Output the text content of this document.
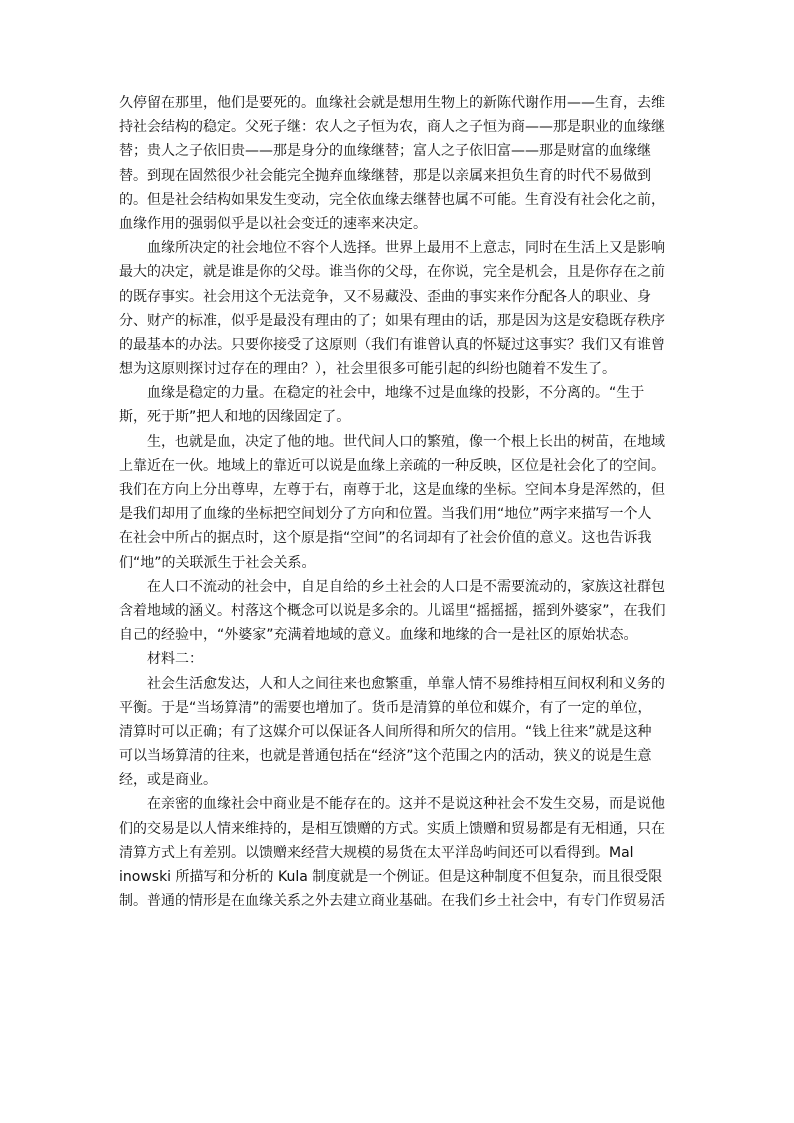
久停留在那里，他们是要死的。血缘社会就是想用生物上的新陈代谢作用——生育，去维
持社会结构的稳定。父死子继：农人之子恒为农，商人之子恒为商——那是职业的血缘继
替；贵人之子依旧贵——那是身分的血缘继替；富人之子依旧富——那是财富的血缘继
替。到现在固然很少社会能完全抛弃血缘继替，那是以亲属来担负生育的时代不易做到
的。但是社会结构如果发生变动，完全依血缘去继替也属不可能。生育没有社会化之前，
血缘作用的强弱似乎是以社会变迁的速率来决定。
血缘所决定的社会地位不容个人选择。世界上最用不上意志，同时在生活上又是影响
最大的决定，就是谁是你的父母。谁当你的父母，在你说，完全是机会，且是你存在之前
的既存事实。社会用这个无法竞争，又不易藏没、歪曲的事实来作分配各人的职业、身
分、财产的标准，似乎是最没有理由的了；如果有理由的话，那是因为这是安稳既存秩序
的最基本的办法。只要你接受了这原则（我们有谁曾认真的怀疑过这事实？我们又有谁曾
想为这原则探讨过存在的理由？），社会里很多可能引起的纠纷也随着不发生了。
血缘是稳定的力量。在稳定的社会中，地缘不过是血缘的投影，不分离的。“生于
斯，死于斯”把人和地的因缘固定了。
生，也就是血，决定了他的地。世代间人口的繁殖，像一个根上长出的树苗，在地域
上靠近在一伙。地域上的靠近可以说是血缘上亲疏的一种反映，区位是社会化了的空间。
我们在方向上分出尊卑，左尊于右，南尊于北，这是血缘的坐标。空间本身是浑然的，但
是我们却用了血缘的坐标把空间划分了方向和位置。当我们用“地位”两字来描写一个人
在社会中所占的据点时，这个原是指“空间”的名词却有了社会价值的意义。这也告诉我
们“地”的关联派生于社会关系。
在人口不流动的社会中，自足自给的乡土社会的人口是不需要流动的，家族这社群包
含着地域的涵义。村落这个概念可以说是多余的。儿谣里“摇摇摇，摇到外婆家”，在我们
自己的经验中，“外婆家”充满着地域的意义。血缘和地缘的合一是社区的原始状态。
材料二：
社会生活愈发达，人和人之间往来也愈繁重，单靠人情不易维持相互间权利和义务的
平衡。于是“当场算清”的需要也增加了。货币是清算的单位和媒介，有了一定的单位，
清算时可以正确；有了这媒介可以保证各人间所得和所欠的信用。“钱上往来”就是这种
可以当场算清的往来，也就是普通包括在“经济”这个范围之内的活动，狭义的说是生意
经，或是商业。
在亲密的血缘社会中商业是不能存在的。这并不是说这种社会不发生交易，而是说他
们的交易是以人情来维持的，是相互馈赠的方式。实质上馈赠和贸易都是有无相通，只在
清算方式上有差别。以馈赠来经营大规模的易货在太平洋岛屿间还可以看得到。Mal
inowski 所描写和分析的 Kula 制度就是一个例证。但是这种制度不但复杂，而且很受限
制。普通的情形是在血缘关系之外去建立商业基础。在我们乡土社会中，有专门作贸易活
